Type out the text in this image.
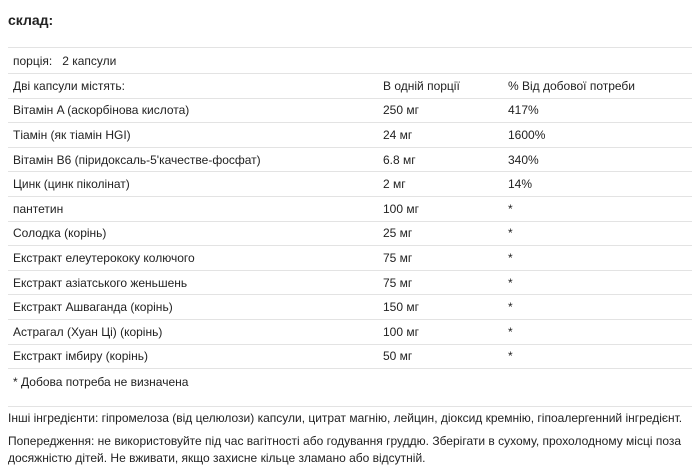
склад:
порція: 2 капсули
Дві капсули містять:	В одній порції	% Від добової потреби
Вітамін A (аскорбінова кислота)	250 мг	417%
Тіамін (як тіамін HGI)	24 мг	1600%
Вітамін B6 (піридоксаль-5'качестве-фосфат)	6.8 мг	340%
Цинк (цинк піколінат)	2 мг	14%
пантетин	100 мг	*
Солодка (корінь)	25 мг	*
Екстракт елеутерококу колючого	75 мг	*
Екстракт азіатського женьшень	75 мг	*
Екстракт Ашваганда (корінь)	150 мг	*
Астрагал (Хуан Ці) (корінь)	100 мг	*
Екстракт імбиру (корінь)	50 мг	*
* Добова потреба не визначена
Інші інгредієнти: гіпромелоза (від целюлози) капсули, цитрат магнію, лейцин, діоксид кремнію, гіпоалергенний інгредієнт.
Попередження: не використовуйте під час вагітності або годування груддю. Зберігати в сухому, прохолодному місці поза досяжністю дітей. Не вживати, якщо захисне кільце зламано або відсутній.
